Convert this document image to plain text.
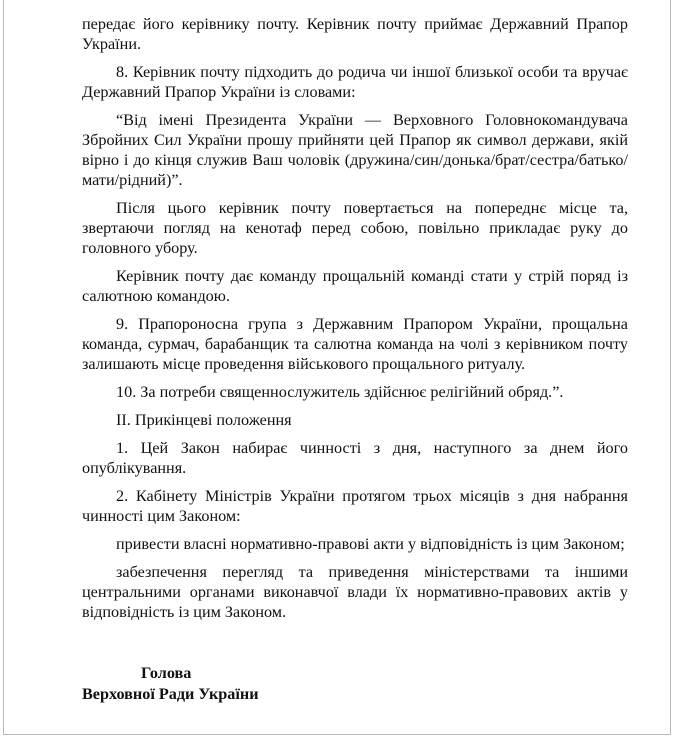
передає його керівнику почту. Керівник почту приймає Державний Прапор України.

8. Керівник почту підходить до родича чи іншої близької особи та вручає Державний Прапор України із словами:

“Від імені Президента України — Верховного Головнокомандувача Збройних Сил України прошу прийняти цей Прапор як символ держави, якій вірно і до кінця служив Ваш чоловік (дружина/син/донька/брат/сестра/батько/мати/рідний)”.

Після цього керівник почту повертається на попереднє місце та, звертаючи погляд на кенотаф перед собою, повільно прикладає руку до головного убору.

Керівник почту дає команду прощальній команді стати у стрій поряд із салютною командою.

9. Прапороносна група з Державним Прапором України, прощальна команда, сурмач, барабанщик та салютна команда на чолі з керівником почту залишають місце проведення військового прощального ритуалу.

10. За потреби священнослужитель здійснює релігійний обряд.”.

ІІ. Прикінцеві положення

1. Цей Закон набирає чинності з дня, наступного за днем його опублікування.

2. Кабінету Міністрів України протягом трьох місяців з дня набрання чинності цим Законом:

привести власні нормативно-правові акти у відповідність із цим Законом;

забезпечення перегляд та приведення міністерствами та іншими центральними органами виконавчої влади їх нормативно-правових актів у відповідність із цим Законом.

Голова
Верховної Ради України
